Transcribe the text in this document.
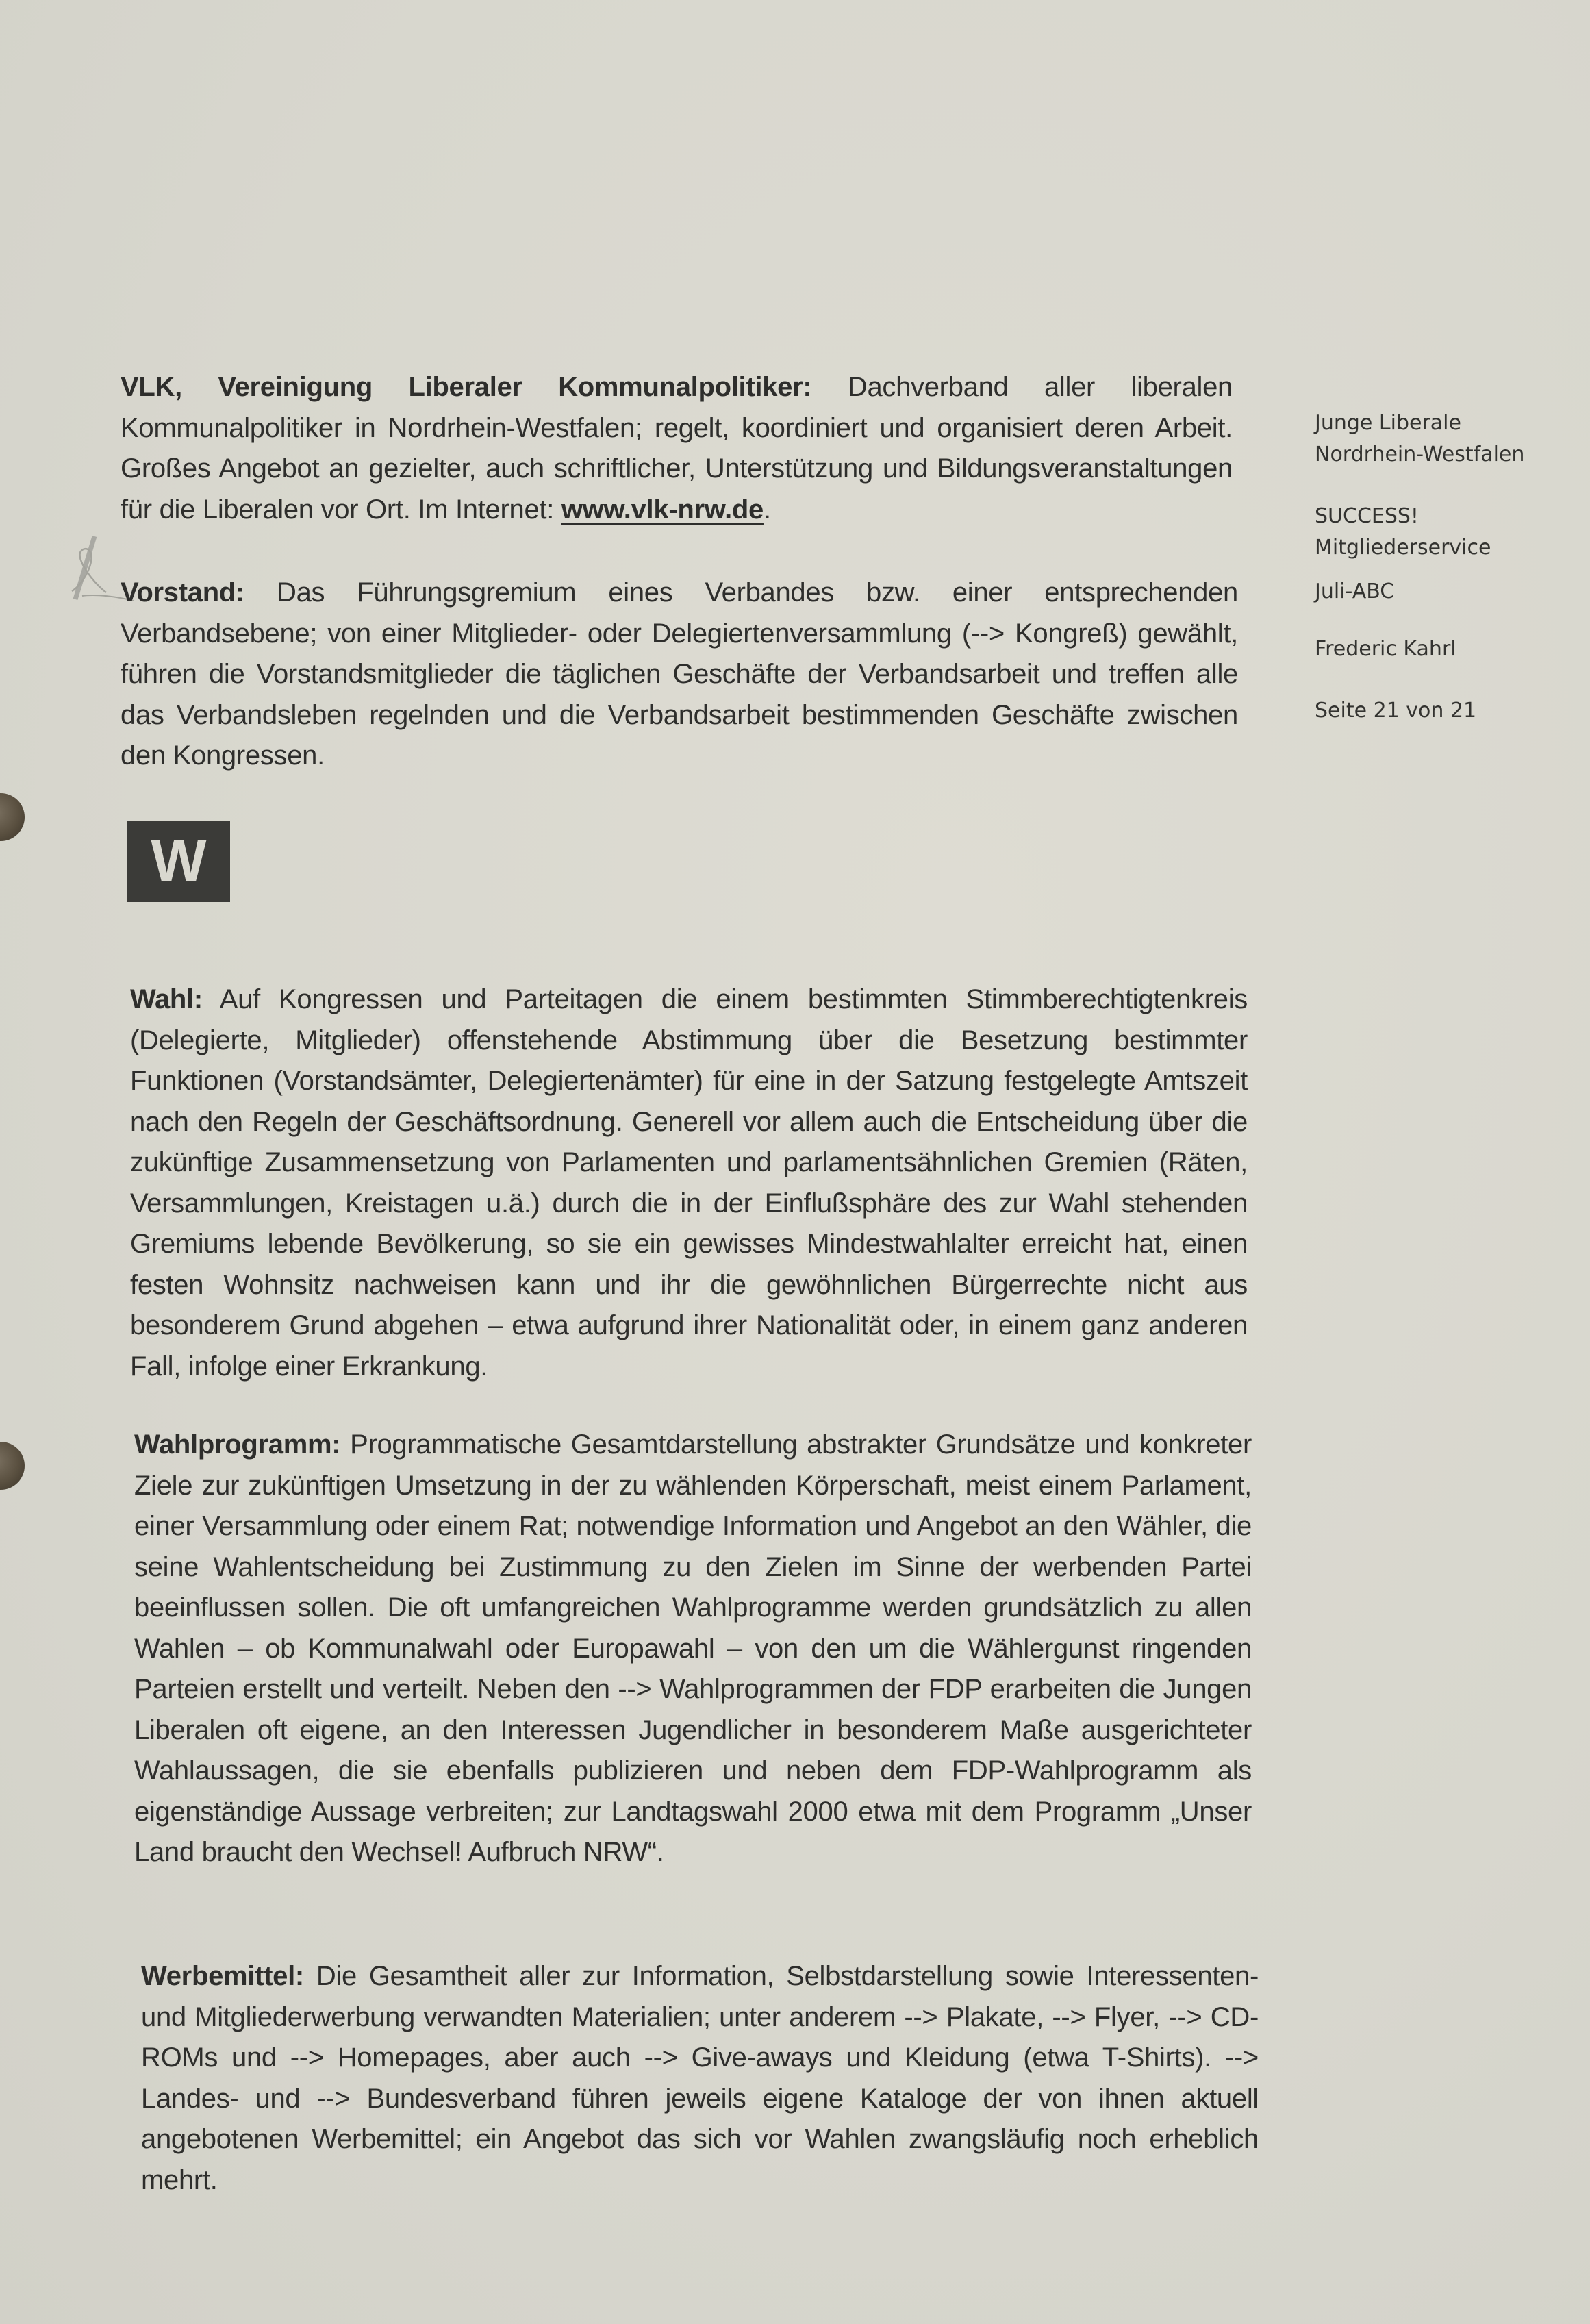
VLK, Vereinigung Liberaler Kommunalpolitiker: Dachverband aller liberalen Kommunalpolitiker in Nordrhein-Westfalen; regelt, koordiniert und organisiert deren Arbeit. Großes Angebot an gezielter, auch schriftlicher, Unterstützung und Bildungsveranstaltungen für die Liberalen vor Ort. Im Internet: www.vlk-nrw.de.

Vorstand: Das Führungsgremium eines Verbandes bzw. einer entsprechenden Verbandsebene; von einer Mitglieder- oder Delegiertenversammlung (--> Kongreß) gewählt, führen die Vorstandsmitglieder die täglichen Geschäfte der Verbandsarbeit und treffen alle das Verbandsleben regelnden und die Verbandsarbeit bestimmenden Geschäfte zwischen den Kongressen.

W

Wahl: Auf Kongressen und Parteitagen die einem bestimmten Stimmberechtigtenkreis (Delegierte, Mitglieder) offenstehende Abstimmung über die Besetzung bestimmter Funktionen (Vorstandsämter, Delegiertenämter) für eine in der Satzung festgelegte Amtszeit nach den Regeln der Geschäftsordnung. Generell vor allem auch die Entscheidung über die zukünftige Zusammensetzung von Parlamenten und parlamentsähnlichen Gremien (Räten, Versammlungen, Kreistagen u.ä.) durch die in der Einflußsphäre des zur Wahl stehenden Gremiums lebende Bevölkerung, so sie ein gewisses Mindestwahlalter erreicht hat, einen festen Wohnsitz nachweisen kann und ihr die gewöhnlichen Bürgerrechte nicht aus besonderem Grund abgehen – etwa aufgrund ihrer Nationalität oder, in einem ganz anderen Fall, infolge einer Erkrankung.

Wahlprogramm: Programmatische Gesamtdarstellung abstrakter Grundsätze und konkreter Ziele zur zukünftigen Umsetzung in der zu wählenden Körperschaft, meist einem Parlament, einer Versammlung oder einem Rat; notwendige Information und Angebot an den Wähler, die seine Wahlentscheidung bei Zustimmung zu den Zielen im Sinne der werbenden Partei beeinflussen sollen. Die oft umfangreichen Wahlprogramme werden grundsätzlich zu allen Wahlen – ob Kommunalwahl oder Europawahl – von den um die Wählergunst ringenden Parteien erstellt und verteilt. Neben den --> Wahlprogrammen der FDP erarbeiten die Jungen Liberalen oft eigene, an den Interessen Jugendlicher in besonderem Maße ausgerichteter Wahlaussagen, die sie ebenfalls publizieren und neben dem FDP-Wahlprogramm als eigenständige Aussage verbreiten; zur Landtagswahl 2000 etwa mit dem Programm „Unser Land braucht den Wechsel! Aufbruch NRW“.

Werbemittel: Die Gesamtheit aller zur Information, Selbstdarstellung sowie Interessenten- und Mitgliederwerbung verwandten Materialien; unter anderem --> Plakate, --> Flyer, --> CD-ROMs und --> Homepages, aber auch --> Give-aways und Kleidung (etwa T-Shirts). --> Landes- und --> Bundesverband führen jeweils eigene Kataloge der von ihnen aktuell angebotenen Werbemittel; ein Angebot das sich vor Wahlen zwangsläufig noch erheblich mehrt.

Junge Liberale
Nordrhein-Westfalen
SUCCESS!
Mitgliederservice
Juli-ABC
Frederic Kahrl
Seite 21 von 21
